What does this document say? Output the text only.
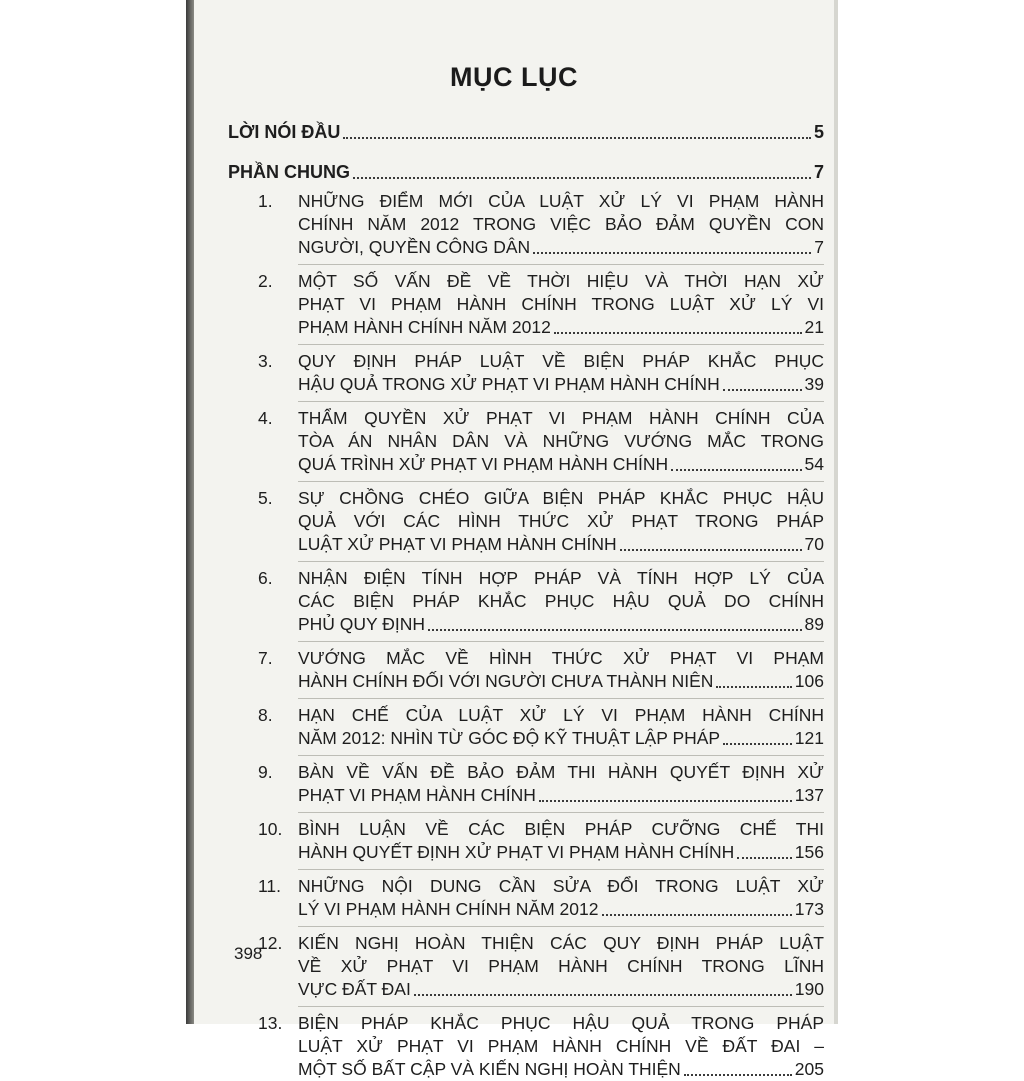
MỤC LỤC
LỜI NÓI ĐẦU	5
PHẦN CHUNG	7
1.	NHỮNG ĐIỂM MỚI CỦA LUẬT XỬ LÝ VI PHẠM HÀNH
CHÍNH NĂM 2012 TRONG VIỆC BẢO ĐẢM QUYỀN CON
NGƯỜI, QUYỀN CÔNG DÂN	7
2.	MỘT SỐ VẤN ĐỀ VỀ THỜI HIỆU VÀ THỜI HẠN XỬ
PHẠT VI PHẠM HÀNH CHÍNH TRONG LUẬT XỬ LÝ VI
PHẠM HÀNH CHÍNH NĂM 2012	21
3.	QUY ĐỊNH PHÁP LUẬT VỀ BIỆN PHÁP KHẮC PHỤC
HẬU QUẢ TRONG XỬ PHẠT VI PHẠM HÀNH CHÍNH	39
4.	THẨM QUYỀN XỬ PHẠT VI PHẠM HÀNH CHÍNH CỦA
TÒA ÁN NHÂN DÂN VÀ NHỮNG VƯỚNG MẮC TRONG
QUÁ TRÌNH XỬ PHẠT VI PHẠM HÀNH CHÍNH	54
5.	SỰ CHỒNG CHÉO GIỮA BIỆN PHÁP KHẮC PHỤC HẬU
QUẢ VỚI CÁC HÌNH THỨC XỬ PHẠT TRONG PHÁP
LUẬT XỬ PHẠT VI PHẠM HÀNH CHÍNH	70
6.	NHẬN ĐIỆN TÍNH HỢP PHÁP VÀ TÍNH HỢP LÝ CỦA
CÁC BIỆN PHÁP KHẮC PHỤC HẬU QUẢ DO CHÍNH
PHỦ QUY ĐỊNH	89
7.	VƯỚNG MẮC VỀ HÌNH THỨC XỬ PHẠT VI PHẠM
HÀNH CHÍNH ĐỐI VỚI NGƯỜI CHƯA THÀNH NIÊN	106
8.	HẠN CHẾ CỦA LUẬT XỬ LÝ VI PHẠM HÀNH CHÍNH
NĂM 2012: NHÌN TỪ GÓC ĐỘ KỸ THUẬT LẬP PHÁP	121
9.	BÀN VỀ VẤN ĐỀ BẢO ĐẢM THI HÀNH QUYẾT ĐỊNH XỬ
PHẠT VI PHẠM HÀNH CHÍNH	137
10. BÌNH LUẬN VỀ CÁC BIỆN PHÁP CƯỠNG CHẾ THI
HÀNH QUYẾT ĐỊNH XỬ PHẠT VI PHẠM HÀNH CHÍNH	156
11. NHỮNG NỘI DUNG CẦN SỬA ĐỔI TRONG LUẬT XỬ
LÝ VI PHẠM HÀNH CHÍNH NĂM 2012	173
12. KIẾN NGHỊ HOÀN THIỆN CÁC QUY ĐỊNH PHÁP LUẬT
VỀ XỬ PHẠT VI PHẠM HÀNH CHÍNH TRONG LĨNH
VỰC ĐẤT ĐAI	190
13. BIỆN PHÁP KHẮC PHỤC HẬU QUẢ TRONG PHÁP
LUẬT XỬ PHẠT VI PHẠM HÀNH CHÍNH VỀ ĐẤT ĐAI –
MỘT SỐ BẤT CẬP VÀ KIẾN NGHỊ HOÀN THIỆN	205
398
